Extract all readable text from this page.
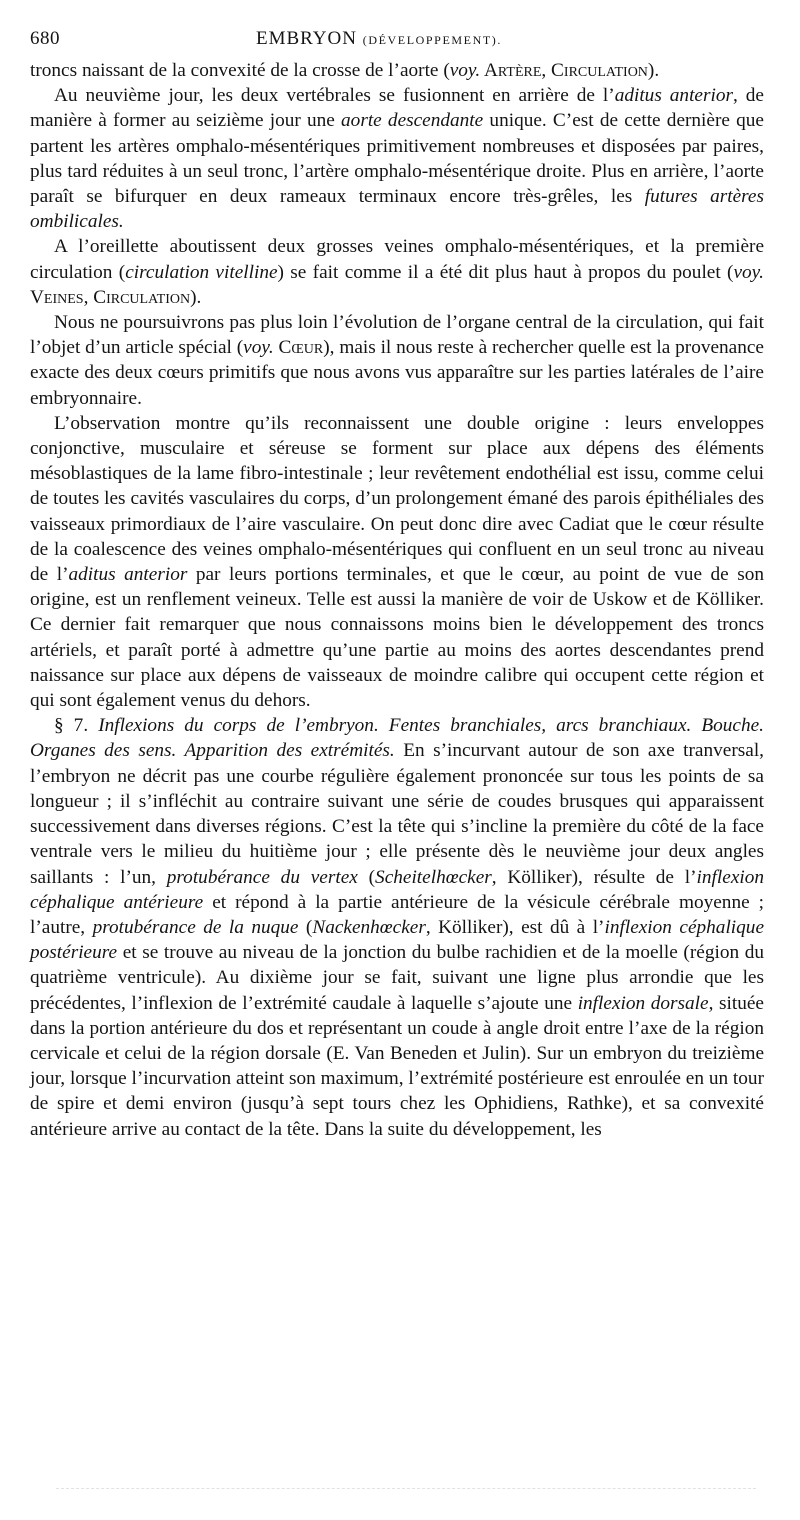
680	EMBRYON (DÉVELOPPEMENT).

troncs naissant de la convexité de la crosse de l’aorte (voy. Artère, Circulation).

Au neuvième jour, les deux vertébrales se fusionnent en arrière de l’aditus anterior, de manière à former au seizième jour une aorte descendante unique. C’est de cette dernière que partent les artères omphalo-mésentériques primitivement nombreuses et disposées par paires, plus tard réduites à un seul tronc, l’artère omphalo-mésentérique droite. Plus en arrière, l’aorte paraît se bifurquer en deux rameaux terminaux encore très-grêles, les futures artères ombilicales.

A l’oreillette aboutissent deux grosses veines omphalo-mésentériques, et la première circulation (circulation vitelline) se fait comme il a été dit plus haut à propos du poulet (voy. Veines, Circulation).

Nous ne poursuivrons pas plus loin l’évolution de l’organe central de la circulation, qui fait l’objet d’un article spécial (voy. Cœur), mais il nous reste à rechercher quelle est la provenance exacte des deux cœurs primitifs que nous avons vus apparaître sur les parties latérales de l’aire embryonnaire.

L’observation montre qu’ils reconnaissent une double origine : leurs enveloppes conjonctive, musculaire et séreuse se forment sur place aux dépens des éléments mésoblastiques de la lame fibro-intestinale ; leur revêtement endothélial est issu, comme celui de toutes les cavités vasculaires du corps, d’un prolongement émané des parois épithéliales des vaisseaux primordiaux de l’aire vasculaire. On peut donc dire avec Cadiat que le cœur résulte de la coalescence des veines omphalo-mésentériques qui confluent en un seul tronc au niveau de l’aditus anterior par leurs portions terminales, et que le cœur, au point de vue de son origine, est un renflement veineux. Telle est aussi la manière de voir de Uskow et de Kölliker. Ce dernier fait remarquer que nous connaissons moins bien le développement des troncs artériels, et paraît porté à admettre qu’une partie au moins des aortes descendantes prend naissance sur place aux dépens de vaisseaux de moindre calibre qui occupent cette région et qui sont également venus du dehors.

§ 7. Inflexions du corps de l’embryon. Fentes branchiales, arcs branchiaux. Bouche. Organes des sens. Apparition des extrémités. En s’incurvant autour de son axe tranversal, l’embryon ne décrit pas une courbe régulière également prononcée sur tous les points de sa longueur ; il s’infléchit au contraire suivant une série de coudes brusques qui apparaissent successivement dans diverses régions. C’est la tête qui s’incline la première du côté de la face ventrale vers le milieu du huitième jour ; elle présente dès le neuvième jour deux angles saillants : l’un, protubérance du vertex (Scheitelhœcker, Kölliker), résulte de l’inflexion céphalique antérieure et répond à la partie antérieure de la vésicule cérébrale moyenne ; l’autre, protubérance de la nuque (Nackenhœcker, Kölliker), est dû à l’inflexion céphalique postérieure et se trouve au niveau de la jonction du bulbe rachidien et de la moelle (région du quatrième ventricule). Au dixième jour se fait, suivant une ligne plus arrondie que les précédentes, l’inflexion de l’extrémité caudale à laquelle s’ajoute une inflexion dorsale, située dans la portion antérieure du dos et représentant un coude à angle droit entre l’axe de la région cervicale et celui de la région dorsale (E. Van Beneden et Julin). Sur un embryon du treizième jour, lorsque l’incurvation atteint son maximum, l’extrémité postérieure est enroulée en un tour de spire et demi environ (jusqu’à sept tours chez les Ophidiens, Rathke), et sa convexité antérieure arrive au contact de la tête. Dans la suite du développement, les
